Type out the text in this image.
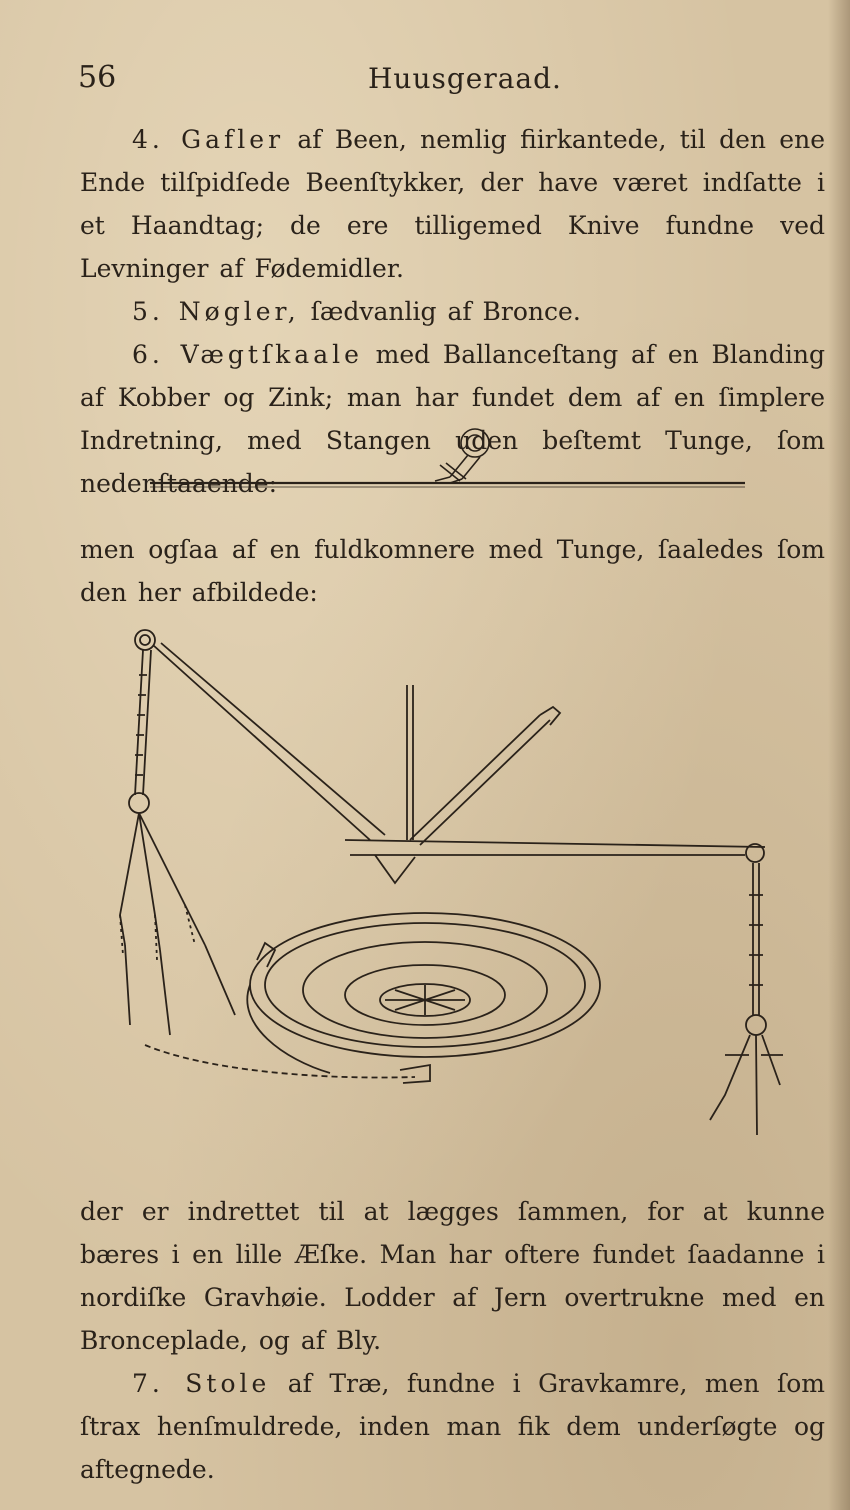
56	Huusgeraad.

4. Gafler af Been, nemlig fiirkantede, til den ene Ende tilſpidſede Beenſtykker, der have været indſatte i et Haandtag; de ere tilligemed Knive fundne ved Levninger af Fødemidler.

5. Nøgler, ſædvanlig af Bronce.

6. Vægtſkaale med Ballanceſtang af en Blanding af Kobber og Zink; man har fundet dem af en ſimplere Indretning, med Stangen uden beſtemt Tunge, ſom nedenſtaaende:

men ogſaa af en fuldkomnere med Tunge, ſaaledes ſom den her afbildede:

der er indrettet til at lægges ſammen, for at kunne bæres i en lille Æſke. Man har oftere fundet ſaadanne i nordiſke Gravhøie. Lodder af Jern overtrukne med en Bronceplade, og af Bly.

7. Stole af Træ, fundne i Gravkamre, men ſom ſtrax henſmuldrede, inden man fik dem underſøgte og aftegnede.
